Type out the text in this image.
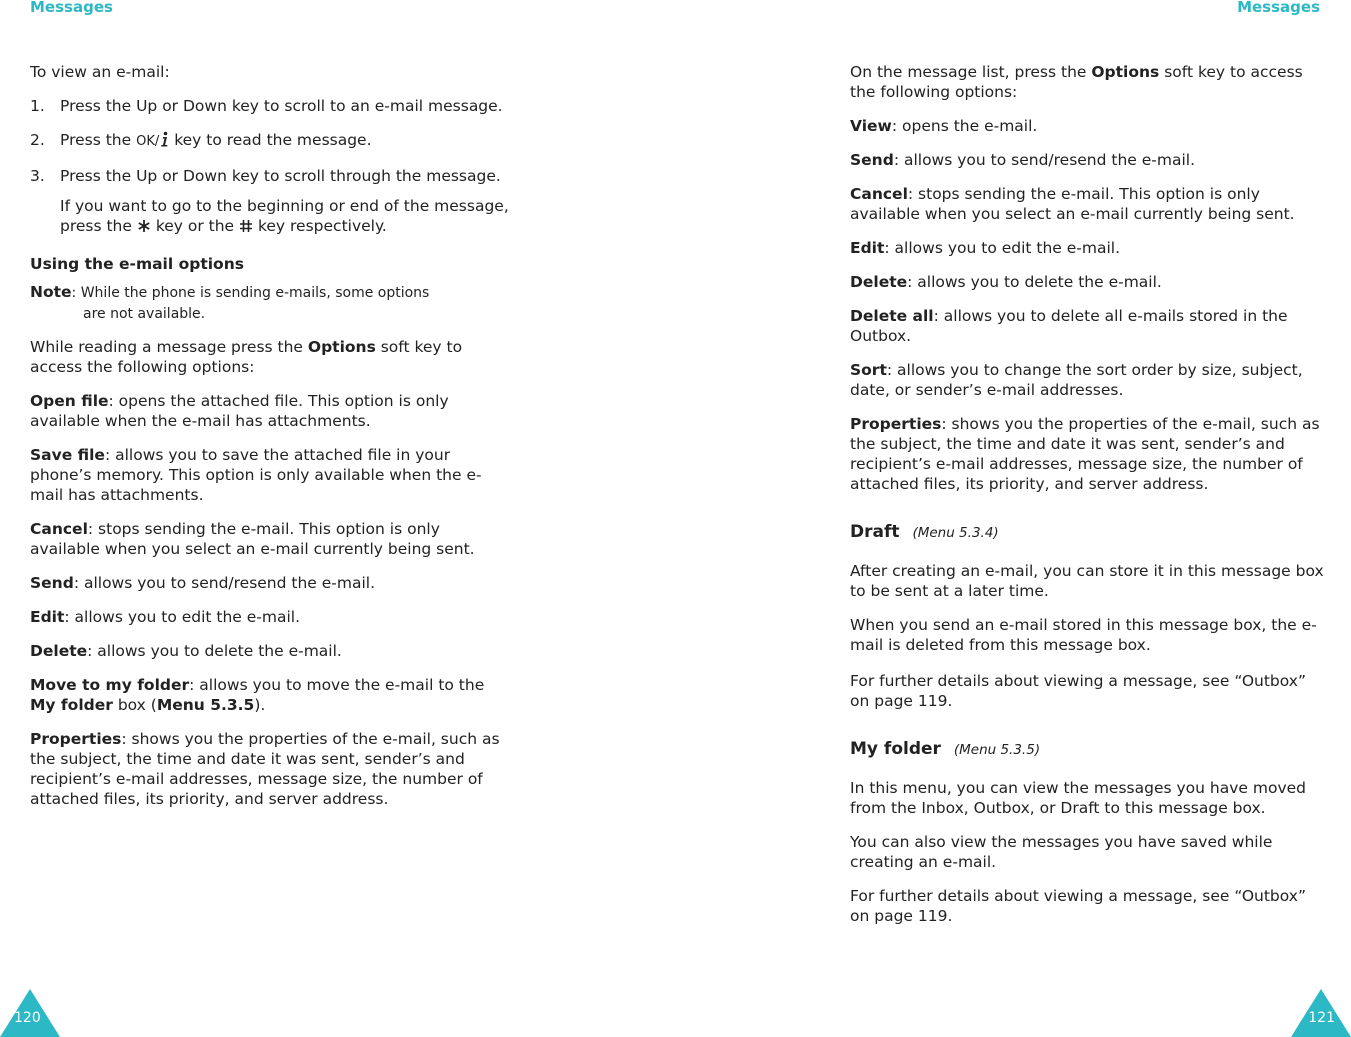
Messages	Messages

To view an e-mail:

1. Press the Up or Down key to scroll to an e-mail message.
2. Press the OK/ key to read the message.
3. Press the Up or Down key to scroll through the message.
If you want to go to the beginning or end of the message, press the key or the key respectively.
Using the e-mail options
Note: While the phone is sending e-mails, some options
are not available.

While reading a message press the Options soft key to access the following options:

Open file: opens the attached file. This option is only available when the e-mail has attachments.

Save file: allows you to save the attached file in your phone’s memory. This option is only available when the e-mail has attachments.

Cancel: stops sending the e-mail. This option is only available when you select an e-mail currently being sent.

Send: allows you to send/resend the e-mail.

Edit: allows you to edit the e-mail.

Delete: allows you to delete the e-mail.

Move to my folder: allows you to move the e-mail to the My folder box (Menu 5.3.5).

Properties: shows you the properties of the e-mail, such as the subject, the time and date it was sent, sender’s and recipient’s e-mail addresses, message size, the number of attached files, its priority, and server address.

On the message list, press the Options soft key to access the following options:

View: opens the e-mail.

Send: allows you to send/resend the e-mail.

Cancel: stops sending the e-mail. This option is only available when you select an e-mail currently being sent.

Edit: allows you to edit the e-mail.

Delete: allows you to delete the e-mail.

Delete all: allows you to delete all e-mails stored in the Outbox.

Sort: allows you to change the sort order by size, subject, date, or sender’s e-mail addresses.

Properties: shows you the properties of the e-mail, such as the subject, the time and date it was sent, sender’s and recipient’s e-mail addresses, message size, the number of attached files, its priority, and server address.

Draft (Menu 5.3.4)

After creating an e-mail, you can store it in this message box to be sent at a later time.

When you send an e-mail stored in this message box, the e-mail is deleted from this message box.

For further details about viewing a message, see “Outbox” on page 119.

My folder (Menu 5.3.5)

In this menu, you can view the messages you have moved from the Inbox, Outbox, or Draft to this message box.

You can also view the messages you have saved while creating an e-mail.

For further details about viewing a message, see “Outbox” on page 119.

120	121
